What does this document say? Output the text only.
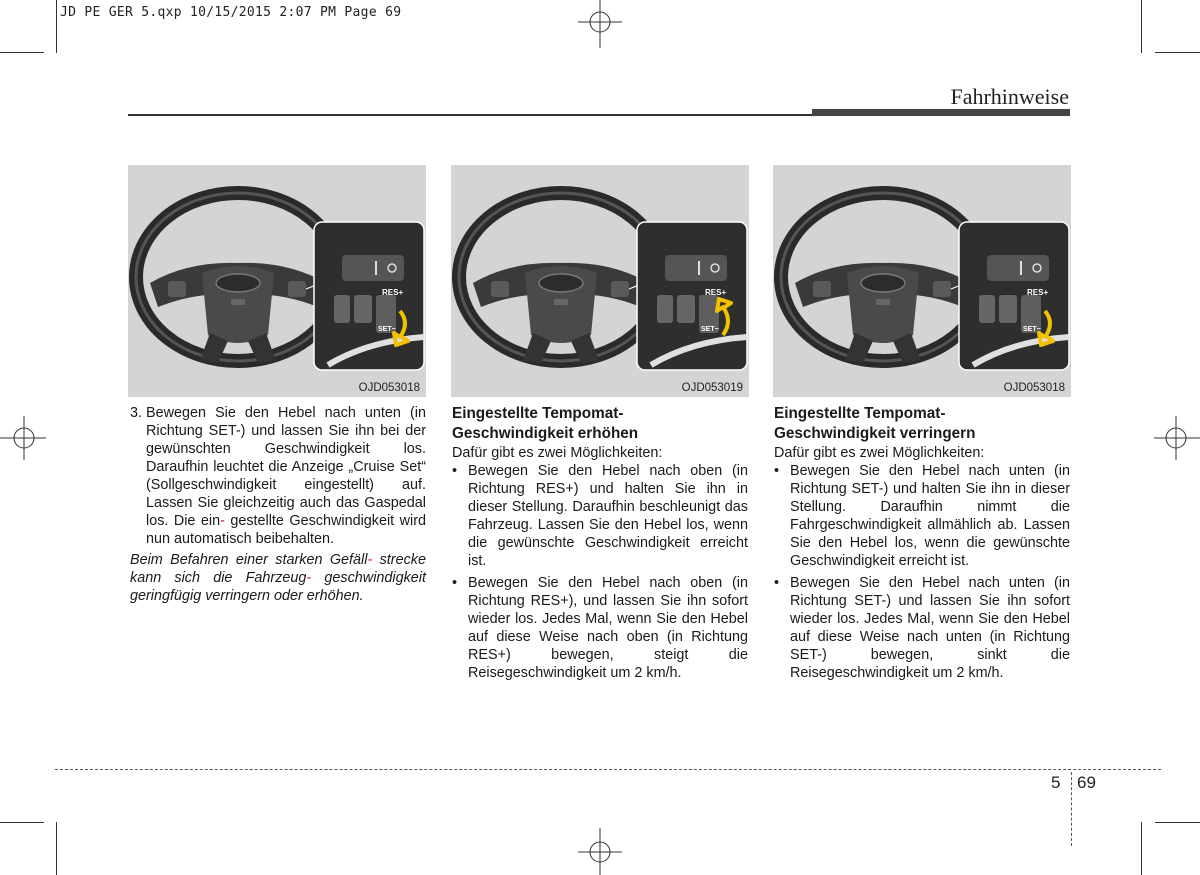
JD PE GER 5.qxp 10/15/2015 2:07 PM Page 69
Fahrhinweise
RES+
SET−
OJD053018
RES+
SET−
OJD053019
RES+
SET−
OJD053018
3. Bewegen Sie den Hebel nach unten (in Richtung SET-) und lassen Sie ihn bei der gewünschten Geschwindigkeit los. Daraufhin leuchtet die Anzeige „Cruise Set“ (Sollgeschwindigkeit eingestellt) auf. Lassen Sie gleichzeitig auch das Gaspedal los. Die ein- gestellte Geschwindigkeit wird nun automatisch beibehalten.

Beim Befahren einer starken Gefäll- strecke kann sich die Fahrzeug- geschwindigkeit geringfügig verringern oder erhöhen.

Eingestellte Tempomat-
Geschwindigkeit erhöhen

Dafür gibt es zwei Möglichkeiten:

• Bewegen Sie den Hebel nach oben (in Richtung RES+) und halten Sie ihn in dieser Stellung. Daraufhin beschleunigt das Fahrzeug. Lassen Sie den Hebel los, wenn die gewünschte Geschwindigkeit erreicht ist.
• Bewegen Sie den Hebel nach oben (in Richtung RES+), und lassen Sie ihn sofort wieder los. Jedes Mal, wenn Sie den Hebel auf diese Weise nach oben (in Richtung RES+) bewegen, steigt die Reisegeschwindigkeit um 2 km/h.
Eingestellte Tempomat-
Geschwindigkeit verringern

Dafür gibt es zwei Möglichkeiten:

• Bewegen Sie den Hebel nach unten (in Richtung SET-) und halten Sie ihn in dieser Stellung. Daraufhin nimmt die Fahrgeschwindigkeit allmählich ab. Lassen Sie den Hebel los, wenn die gewünschte Geschwindigkeit erreicht ist.
• Bewegen Sie den Hebel nach unten (in Richtung SET-) und lassen Sie ihn sofort wieder los. Jedes Mal, wenn Sie den Hebel auf diese Weise nach unten (in Richtung SET-) bewegen, sinkt die Reisegeschwindigkeit um 2 km/h.
5 69
